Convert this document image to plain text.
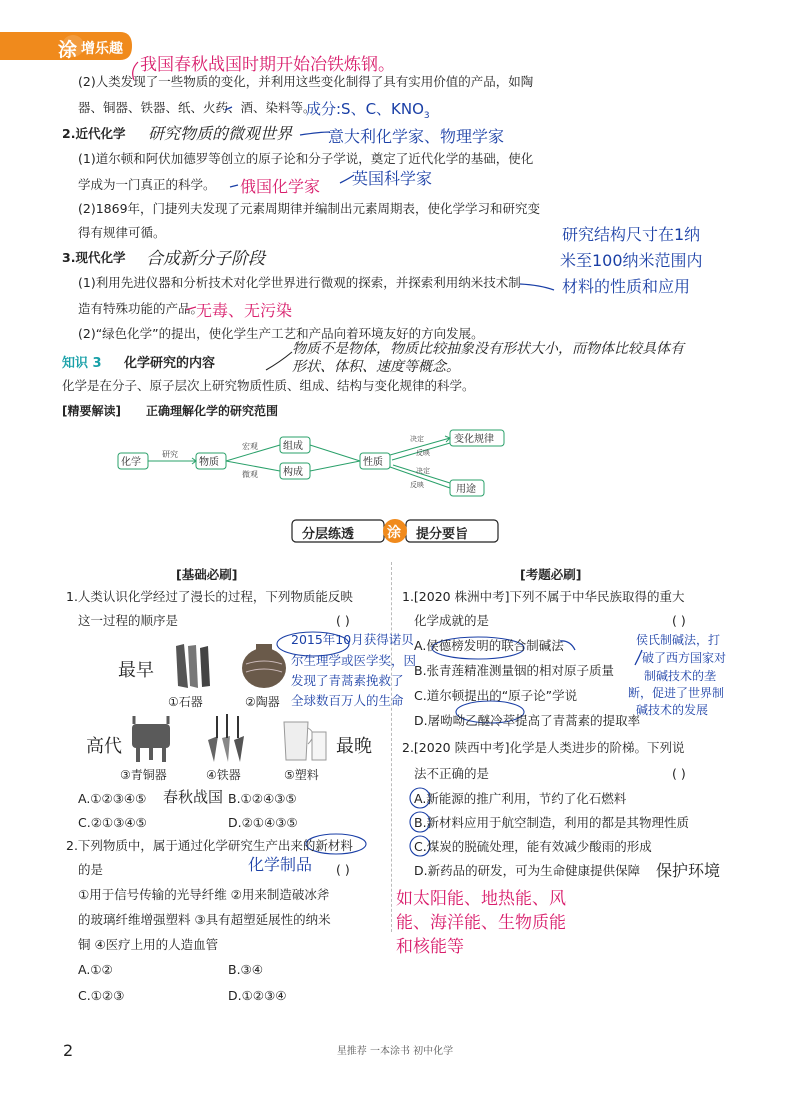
涂 增乐趣
我国春秋战国时期开始冶铁炼钢。
(2)人类发现了一些物质的变化，并利用这些变化制得了具有实用价值的产品，如陶
器、铜器、铁器、纸、火药、酒、染料等。
成分:S、C、$KNO_3$
2.近代化学 研究物质的微观世界 意大利化学家、物理学家
(1)道尔顿和阿伏加德罗等创立的原子论和分子学说，奠定了近代化学的基础，使化
学成为一门真正的科学。 俄国化学家 英国科学家
(2)1869年，门捷列夫发现了元素周期律并编制出元素周期表，使化学学习和研究变
得有规律可循。
3.现代化学 合成新分子阶段
研究结构尺寸在1纳
米至100纳米范围内
材料的性质和应用
(1)利用先进仪器和分析技术对化学世界进行微观的探索，并探索利用纳米技术制
造有特殊功能的产品。
无毒、无污染
(2)“绿色化学”的提出，使化学生产工艺和产品向着环境友好的方向发展。
知识 3 化学研究的内容
物质不是物体，物质比较抽象没有形状大小，而物体比较具体有
形状、体积、速度等概念。
化学是在分子、原子层次上研究物质性质、组成、结构与变化规律的科学。
[精要解读] 正确理解化学的研究范围
化学
研究
物质
宏观
微观
组成
构成
性质
决定
反映
决定
反映
变化规律
用途
分层练透 涂 提分要旨
[基础必刷]
1.人类认识化学经过了漫长的过程，下列物质能反映
这一过程的顺序是	( )
最早
①石器	②陶器
2015年10月获得诺贝
尔生理学或医学奖，因
发现了青蒿素挽救了
全球数百万人的生命
高代	最晚
③青铜器	④铁器	⑤塑料
A.①②③④⑤ 春秋战国 B.①②④③⑤
C.②①③④⑤	D.②①④③⑤
2.下列物质中，属于通过化学研究生产出来的新材料
化学制品
的是	( )
①用于信号传输的光导纤维 ②用来制造破冰斧
的玻璃纤维增强塑料 ③具有超塑延展性的纳米
铜 ④医疗上用的人造血管
A.①②	B.③④
C.①②③	D.①②③④
[考题必刷]
1.[2020 株洲中考]下列不属于中华民族取得的重大
化学成就的是	( )
A.侯德榜发明的联合制碱法
B.张青莲精准测量铟的相对原子质量
C.道尔顿提出的“原子论”学说
D.屠呦呦乙醚冷萃提高了青蒿素的提取率
侯氏制碱法，打
破了西方国家对
制碱技术的垄
断，促进了世界制
碱技术的发展
2.[2020 陕西中考]化学是人类进步的阶梯。下列说
法不正确的是	( )
A.新能源的推广利用，节约了化石燃料
B.新材料应用于航空制造，利用的都是其物理性质
C.煤炭的脱硫处理，能有效减少酸雨的形成
D.新药品的研发，可为生命健康提供保障 保护环境
如太阳能、地热能、风
能、海洋能、生物质能
和核能等
2	星推荐 一本涂书 初中化学
